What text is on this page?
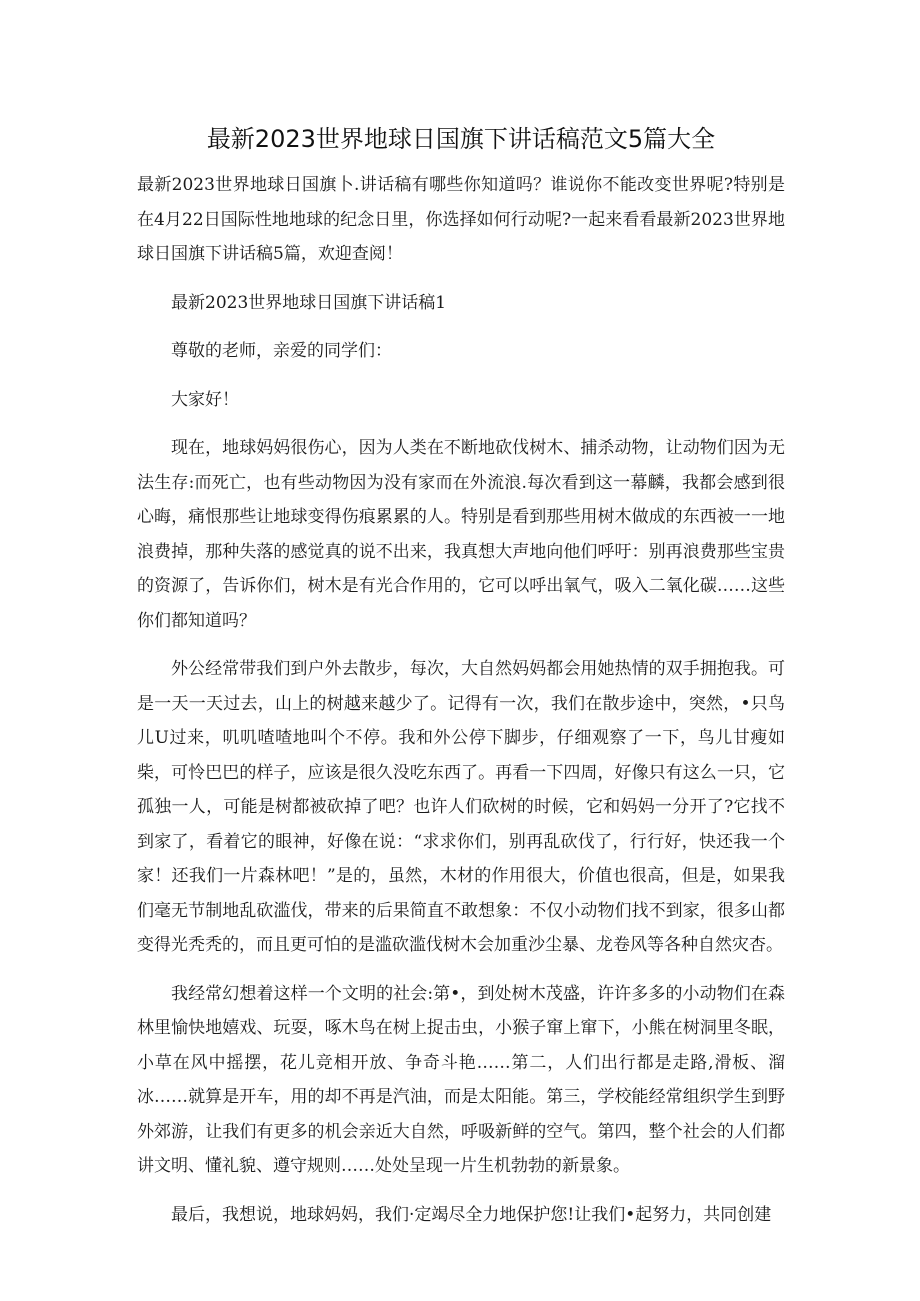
最新2023世界地球日国旗下讲话稿范文5篇大全

最新2023世界地球日国旗卜.讲话稿有哪些你知道吗？谁说你不能改变世界呢?特别是在4月22日国际性地地球的纪念日里，你选择如何行动呢?一起来看看最新2023世界地球日国旗下讲话稿5篇，欢迎查阅！

最新2023世界地球日国旗下讲话稿1

尊敬的老师，亲爱的同学们：

大家好！

现在，地球妈妈很伤心，因为人类在不断地砍伐树木、捕杀动物，让动物们因为无法生存:而死亡，也有些动物因为没有家而在外流浪.每次看到这一幕麟，我都会感到很心晦，痛恨那些让地球变得伤痕累累的人。特别是看到那些用树木做成的东西被一一地浪费掉，那种失落的感觉真的说不出来，我真想大声地向他们呼吁：别再浪费那些宝贵的资源了，告诉你们，树木是有光合作用的，它可以呼出氧气，吸入二氧化碳……这些你们都知道吗？

外公经常带我们到户外去散步，每次，大自然妈妈都会用她热情的双手拥抱我。可是一天一天过去，山上的树越来越少了。记得有一次，我们在散步途中，突然，•只鸟儿U过来，叽叽喳喳地叫个不停。我和外公停下脚步，仔细观察了一下，鸟儿甘瘦如柴，可怜巴巴的样子，应该是很久没吃东西了。再看一下四周，好像只有这么一只，它孤独一人，可能是树都被砍掉了吧？也许人们砍树的时候，它和妈妈一分开了?它找不到家了，看着它的眼神，好像在说：“求求你们，别再乱砍伐了，行行好，快还我一个家！还我们一片森林吧！”是的，虽然，木材的作用很大，价值也很高，但是，如果我们毫无节制地乱砍滥伐，带来的后果简直不敢想象：不仅小动物们找不到家，很多山都变得光秃秃的，而且更可怕的是滥砍滥伐树木会加重沙尘暴、龙卷风等各种自然灾杏。

我经常幻想着这样一个文明的社会:第•，到处树木茂盛，许许多多的小动物们在森林里愉快地嬉戏、玩耍，啄木鸟在树上捉击虫，小猴子窜上窜下，小熊在树洞里冬眠，小草在风中摇摆，花儿竞相开放、争奇斗艳……第二，人们出行都是走路,滑板、溜冰……就算是开车，用的却不再是汽油，而是太阳能。第三，学校能经常组织学生到野外郊游，让我们有更多的机会亲近大自然，呼吸新鲜的空气。第四，整个社会的人们都讲文明、懂礼貌、遵守规则……处处呈现一片生机勃勃的新景象。

最后，我想说，地球妈妈，我们·定竭尽全力地保护您!让我们•起努力，共同创建
